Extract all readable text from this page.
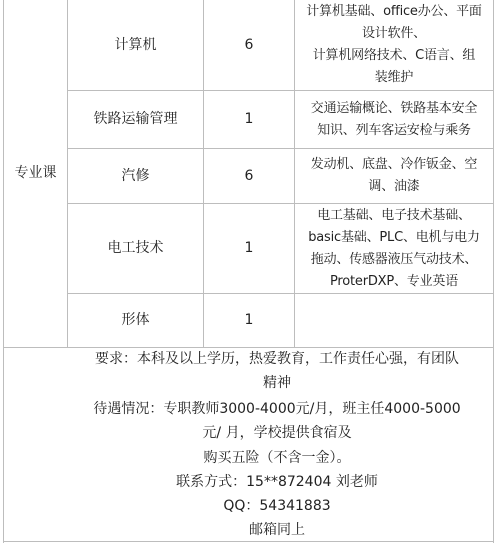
专业课
计算机	6
计算机基础、office办公、平面
设计软件、
计算机网络技术、C语言、组
装维护
铁路运输管理	1
交通运输概论、铁路基本安全
知识、列车客运安检与乘务
汽修	6
发动机、底盘、冷作钣金、空
调、油漆
电工技术	1
电工基础、电子技术基础、
basic基础、PLC、电机与电力
拖动、传感器液压气动技术、
ProterDXP、专业英语
形体	1
要求：本科及以上学历，热爱教育，工作责任心强，有团队
精神
待遇情况：专职教师3000-4000元/月，班主任4000-5000
元/ 月，学校提供食宿及
购买五险（不含一金）。
联系方式：15**872404 刘老师
QQ：54341883
邮箱同上
